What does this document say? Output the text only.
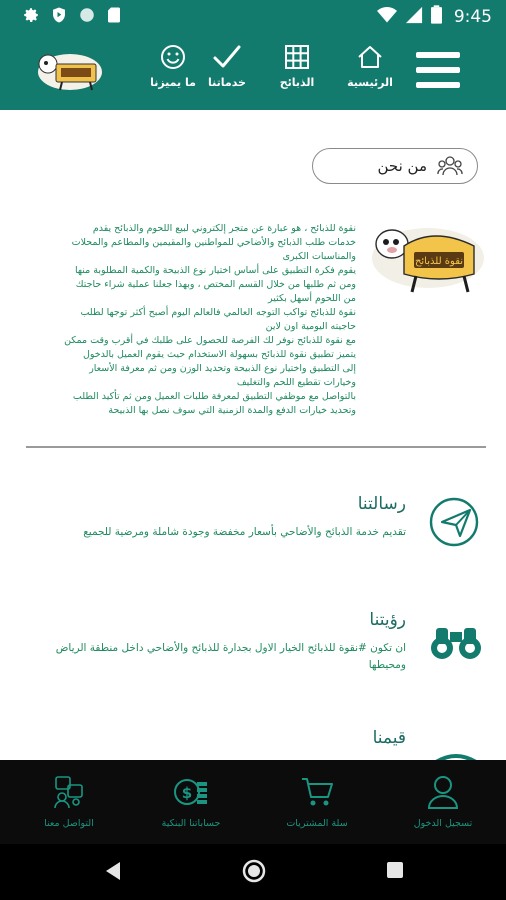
9:45
ما يميزنا	خدماتنا	الذبائح	الرئيسية
من نحن
نقوة للذبائح

نقوة للذبائح ، هو عبارة عن متجر إلكتروني لبيع اللحوم والذبائح يقدم

خدمات طلب الذبائح والأضاحي للمواطنين والمقيمين والمطاعم والمحلات

والمناسبات الكبرى

يقوم فكرة التطبيق على أساس اختيار نوع الذبيحة والكمية المطلوبة منها

ومن ثم طلبها من خلال القسم المختص ، وبهذا جعلنا عملية شراء حاجتك

من اللحوم أسهل بكثير

نقوة للذبائح تواكب التوجه العالمي فالعالم اليوم أصبح أكثر توجها لطلب

حاجيته اليومية اون لاين

مع نقوة للذبائح نوفر لك الفرصة للحصول على طلبك في أقرب وقت ممكن

يتميز تطبيق نقوة للذبائح بسهولة الاستخدام حيث يقوم العميل بالدخول

إلى التطبيق واختيار نوع الذبيحة وتحديد الوزن ومن ثم معرفة الأسعار

وخيارات تقطيع اللحم والتغليف

بالتواصل مع موظفي التطبيق لمعرفة طلبات العميل ومن ثم تأكيد الطلب

وتحديد خيارات الدفع والمدة الزمنية التي سوف نصل بها الذبيحة

رسالتنا
تقديم خدمة الذبائح والأضاحي بأسعار مخفضة وجودة شاملة ومرضية للجميع
رؤيتنا
ان تكون #نقوة للذبائح الخيار الاول بجدارة للذبائح والأضاحي داخل منطقة الرياض ومحيطها
قيمنا
التواصل معنا
$
حساباتنا البنكية	سلة المشتريات	تسجيل الدخول
